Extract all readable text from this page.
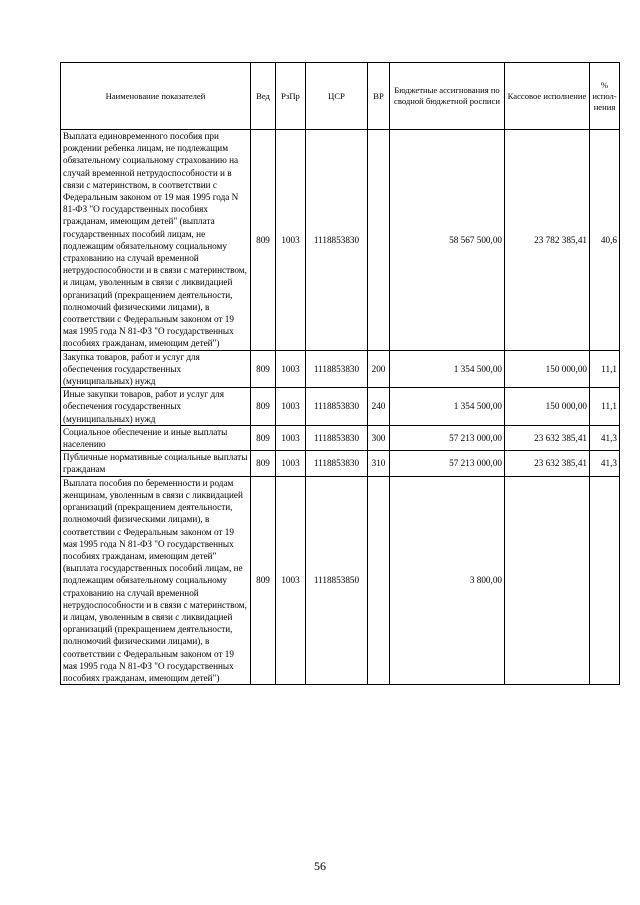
Наименование показателей	Вед	РзПр	ЦСР	ВР	Бюджетные ассигнования по сводной бюджетной росписи	Кассовое исполнение	% испол-нения
Выплата единовременного пособия при рождении ребенка лицам, не подлежащим обязательному социальному страхованию на случай временной нетрудоспособности и в связи с материнством, в соответствии с Федеральным законом от 19 мая 1995 года N 81-ФЗ "О государственных пособиях гражданам, имеющим детей" (выплата государственных пособий лицам, не подлежащим обязательному социальному страхованию на случай временной нетрудоспособности и в связи с материнством, и лицам, уволенным в связи с ликвидацией организаций (прекращением деятельности, полномочий физическими лицами), в соответствии с Федеральным законом от 19 мая 1995 года N 81-ФЗ "О государственных пособиях гражданам, имеющим детей")	809	1003	1118853830		58 567 500,00	23 782 385,41	40,6
Закупка товаров, работ и услуг для обеспечения государственных (муниципальных) нужд	809	1003	1118853830	200	1 354 500,00	150 000,00	11,1
Иные закупки товаров, работ и услуг для обеспечения государственных (муниципальных) нужд	809	1003	1118853830	240	1 354 500,00	150 000,00	11,1
Социальное обеспечение и иные выплаты населению	809	1003	1118853830	300	57 213 000,00	23 632 385,41	41,3
Публичные нормативные социальные выплаты гражданам	809	1003	1118853830	310	57 213 000,00	23 632 385,41	41,3
Выплата пособия по беременности и родам женщинам, уволенным в связи с ликвидацией организаций (прекращением деятельности, полномочий физическими лицами), в соответствии с Федеральным законом от 19 мая 1995 года N 81-ФЗ "О государственных пособиях гражданам, имеющим детей" (выплата государственных пособий лицам, не подлежащим обязательному социальному страхованию на случай временной нетрудоспособности и в связи с материнством, и лицам, уволенным в связи с ликвидацией организаций (прекращением деятельности, полномочий физическими лицами), в соответствии с Федеральным законом от 19 мая 1995 года N 81-ФЗ "О государственных пособиях гражданам, имеющим детей")	809	1003	1118853850		3 800,00		
56
